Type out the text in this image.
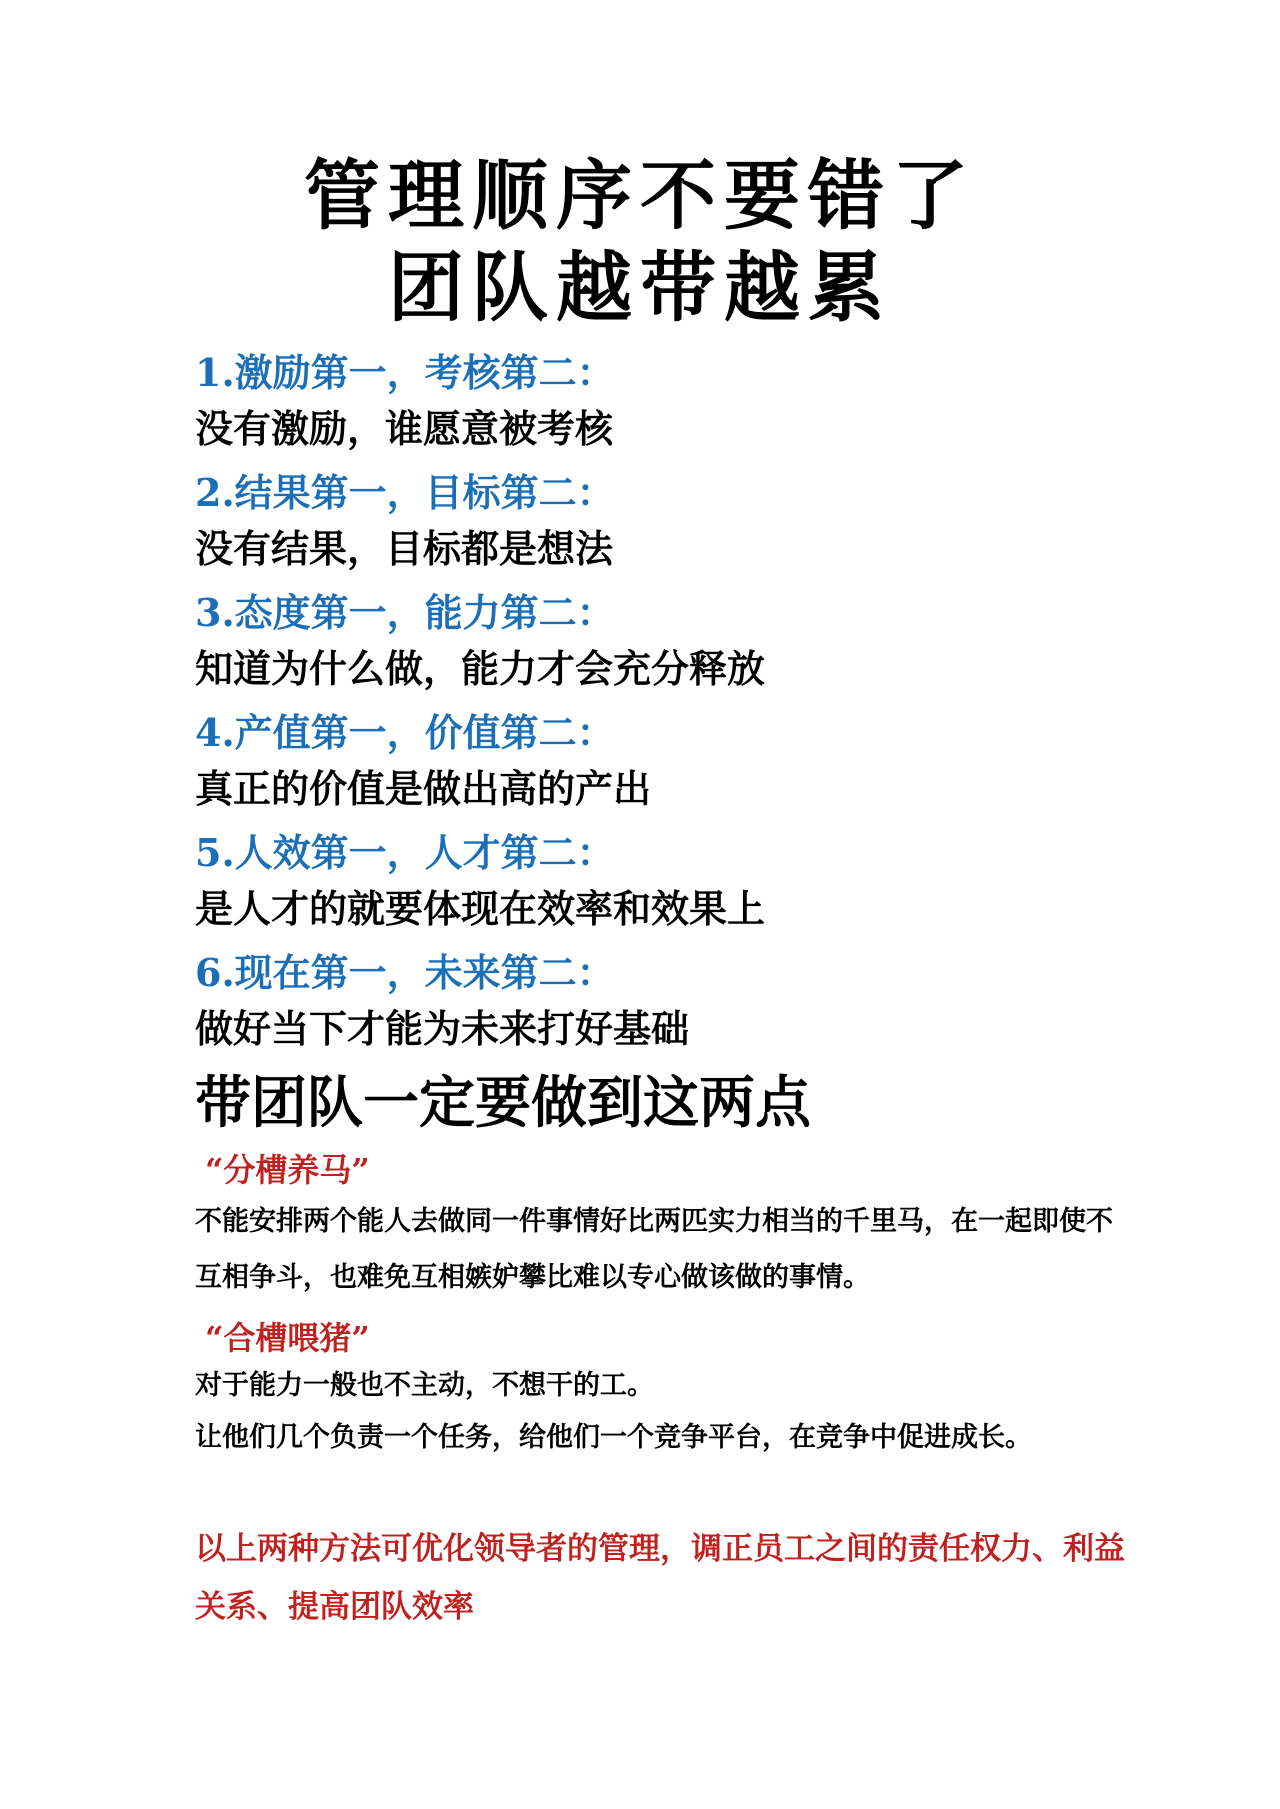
管理顺序不要错了
团队越带越累
1.激励第一，考核第二：
没有激励，谁愿意被考核
2.结果第一，目标第二：
没有结果，目标都是想法
3.态度第一，能力第二：
知道为什么做，能力才会充分释放
4.产值第一，价值第二：
真正的价值是做出高的产出
5.人效第一，人才第二：
是人才的就要体现在效率和效果上
6.现在第一，未来第二：
做好当下才能为未来打好基础
带团队一定要做到这两点
“分槽养马”
不能安排两个能人去做同一件事情好比两匹实力相当的千里马，在一起即使不互相争斗，也难免互相嫉妒攀比难以专心做该做的事情。
“合槽喂猪”
对于能力一般也不主动，不想干的工。
让他们几个负责一个任务，给他们一个竞争平台，在竞争中促进成长。
以上两种方法可优化领导者的管理，调正员工之间的责任权力、利益关系、提高团队效率
